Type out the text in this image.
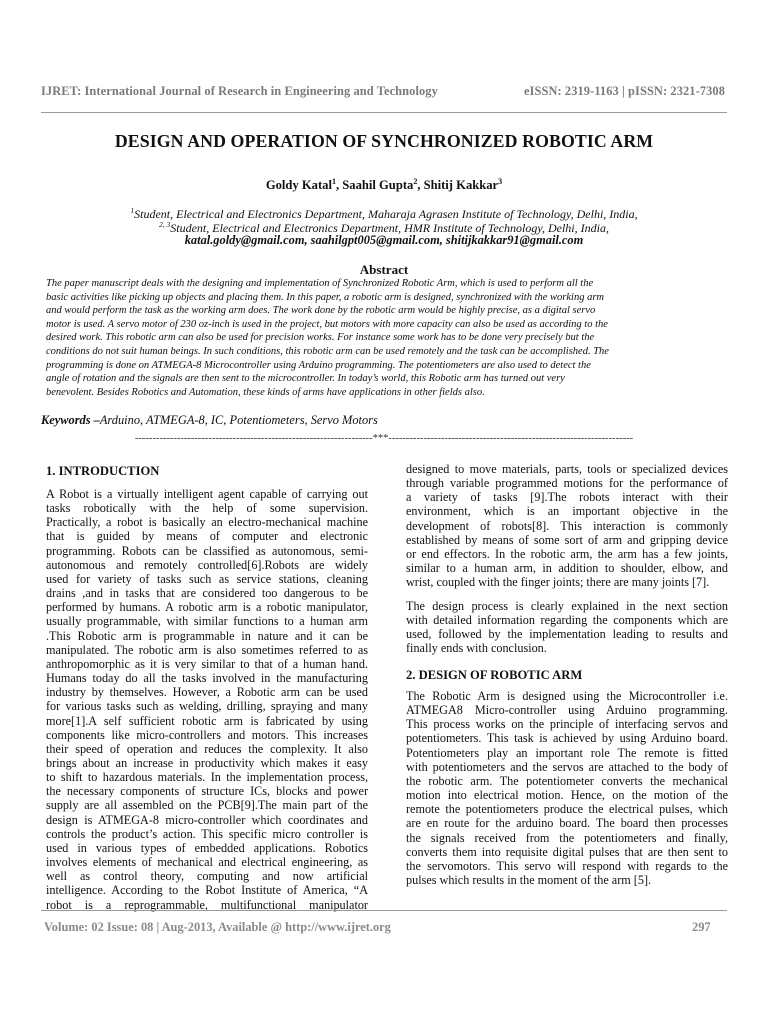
IJRET: International Journal of Research in Engineering and Technology	eISSN: 2319-1163 | pISSN: 2321-7308
DESIGN AND OPERATION OF SYNCHRONIZED ROBOTIC ARM
Goldy Katal$^1$, Saahil Gupta$^2$, Shitij Kakkar$^3$
$^1$Student, Electrical and Electronics Department, Maharaja Agrasen Institute of Technology, Delhi, India,
$^{2, 3}$Student, Electrical and Electronics Department, HMR Institute of Technology, Delhi, India,
katal.goldy@gmail.com, saahilgpt005@gmail.com, shitijkakkar91@gmail.com
Abstract
The paper manuscript deals with the designing and implementation of Synchronized Robotic Arm, which is used to perform all the
basic activities like picking up objects and placing them. In this paper, a robotic arm is designed, synchronized with the working arm
and would perform the task as the working arm does. The work done by the robotic arm would be highly precise, as a digital servo
motor is used. A servo motor of 230 oz-inch is used in the project, but motors with more capacity can also be used as according to the
desired work. This robotic arm can also be used for precision works. For instance some work has to be done very precisely but the
conditions do not suit human beings. In such conditions, this robotic arm can be used remotely and the task can be accomplished. The
programming is done on ATMEGA-8 Microcontroller using Arduino programming. The potentiometers are also used to detect the
angle of rotation and the signals are then sent to the microcontroller. In today’s world, this Robotic arm has turned out very
benevolent. Besides Robotics and Automation, these kinds of arms have applications in other fields also.
Keywords –Arduino, ATMEGA-8, IC, Potentiometers, Servo Motors
--------------------------------------------------------------------***----------------------------------------------------------------------
1. INTRODUCTION
A Robot is a virtually intelligent agent capable of carrying out
tasks robotically with the help of some supervision.
Practically, a robot is basically an electro-mechanical machine
that is guided by means of computer and electronic
programming. Robots can be classified as autonomous, semi-
autonomous and remotely controlled[6].Robots are widely
used for variety of tasks such as service stations, cleaning
drains ,and in tasks that are considered too dangerous to be
performed by humans. A robotic arm is a robotic manipulator,
usually programmable, with similar functions to a human arm
.This Robotic arm is programmable in nature and it can be
manipulated. The robotic arm is also sometimes referred to as
anthropomorphic as it is very similar to that of a human hand.
Humans today do all the tasks involved in the manufacturing
industry by themselves. However, a Robotic arm can be used
for various tasks such as welding, drilling, spraying and many
more[1].A self sufficient robotic arm is fabricated by using
components like micro-controllers and motors. This increases
their speed of operation and reduces the complexity. It also
brings about an increase in productivity which makes it easy
to shift to hazardous materials. In the implementation process,
the necessary components of structure ICs, blocks and power
supply are all assembled on the PCB[9].The main part of the
design is ATMEGA-8 micro-controller which coordinates and
controls the product’s action. This specific micro controller is
used in various types of embedded applications. Robotics
involves elements of mechanical and electrical engineering, as
well as control theory, computing and now artificial
intelligence. According to the Robot Institute of America, “A
robot is a reprogrammable, multifunctional manipulator
designed to move materials, parts, tools or specialized devices
through variable programmed motions for the performance of
a variety of tasks [9].The robots interact with their
environment, which is an important objective in the
development of robots[8]. This interaction is commonly
established by means of some sort of arm and gripping device
or end effectors. In the robotic arm, the arm has a few joints,
similar to a human arm, in addition to shoulder, elbow, and
wrist, coupled with the finger joints; there are many joints [7].
The design process is clearly explained in the next section
with detailed information regarding the components which are
used, followed by the implementation leading to results and
finally ends with conclusion.
2. DESIGN OF ROBOTIC ARM
The Robotic Arm is designed using the Microcontroller i.e.
ATMEGA8 Micro-controller using Arduino programming.
This process works on the principle of interfacing servos and
potentiometers. This task is achieved by using Arduino board.
Potentiometers play an important role The remote is fitted
with potentiometers and the servos are attached to the body of
the robotic arm. The potentiometer converts the mechanical
motion into electrical motion. Hence, on the motion of the
remote the potentiometers produce the electrical pulses, which
are en route for the arduino board. The board then processes
the signals received from the potentiometers and finally,
converts them into requisite digital pulses that are then sent to
the servomotors. This servo will respond with regards to the
pulses which results in the moment of the arm [5].
Volume: 02 Issue: 08 | Aug-2013, Available @ http://www.ijret.org	297
